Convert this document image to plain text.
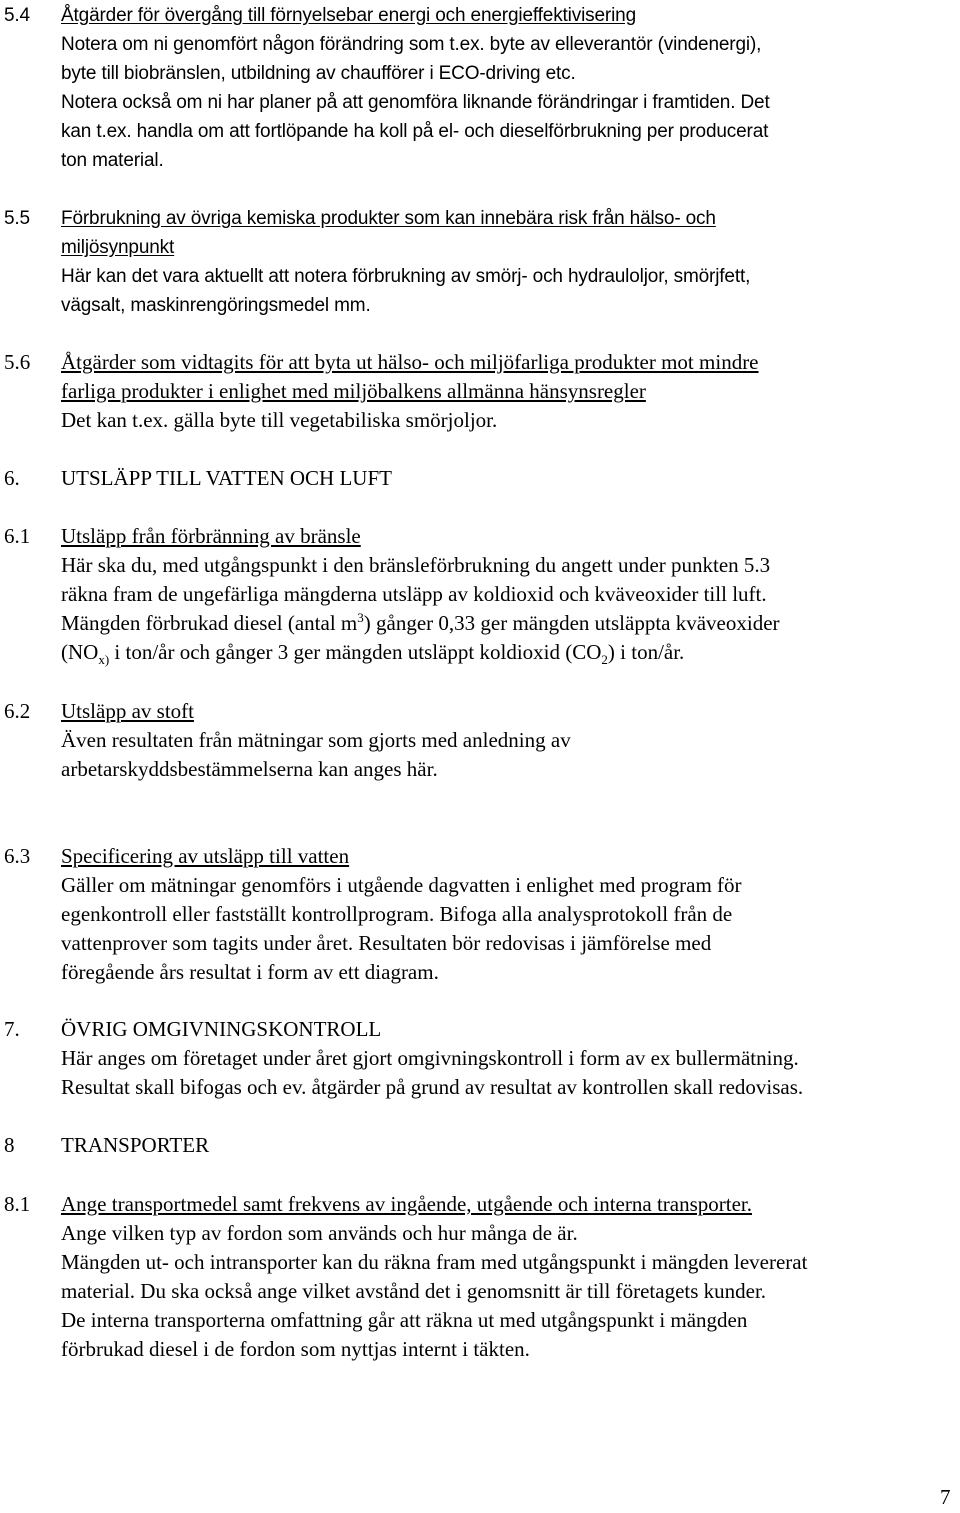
5.4 Åtgärder för övergång till förnyelsebar energi och energieffektivisering
Notera om ni genomfört någon förändring som t.ex. byte av elleverantör (vindenergi),
byte till biobränslen, utbildning av chaufförer i ECO-driving etc.
Notera också om ni har planer på att genomföra liknande förändringar i framtiden. Det
kan t.ex. handla om att fortlöpande ha koll på el- och dieselförbrukning per producerat
ton material.
5.5 Förbrukning av övriga kemiska produkter som kan innebära risk från hälso- och
miljösynpunkt
Här kan det vara aktuellt att notera förbrukning av smörj- och hydrauloljor, smörjfett,
vägsalt, maskinrengöringsmedel mm.
5.6 Åtgärder som vidtagits för att byta ut hälso- och miljöfarliga produkter mot mindre
farliga produkter i enlighet med miljöbalkens allmänna hänsynsregler
Det kan t.ex. gälla byte till vegetabiliska smörjoljor.
6. UTSLÄPP TILL VATTEN OCH LUFT
6.1 Utsläpp från förbränning av bränsle
Här ska du, med utgångspunkt i den bränsleförbrukning du angett under punkten 5.3
räkna fram de ungefärliga mängderna utsläpp av koldioxid och kväveoxider till luft.
Mängden förbrukad diesel (antal $m^3$) gånger 0,33 ger mängden utsläppta kväveoxider
($NO_{x)}$ i ton/år och gånger 3 ger mängden utsläppt koldioxid $(CO_2)$ i ton/år.
6.2 Utsläpp av stoft
Även resultaten från mätningar som gjorts med anledning av
arbetarskyddsbestämmelserna kan anges här.
6.3 Specificering av utsläpp till vatten
Gäller om mätningar genomförs i utgående dagvatten i enlighet med program för
egenkontroll eller fastställt kontrollprogram. Bifoga alla analysprotokoll från de
vattenprover som tagits under året. Resultaten bör redovisas i jämförelse med
föregående års resultat i form av ett diagram.
7. ÖVRIG OMGIVNINGSKONTROLL
Här anges om företaget under året gjort omgivningskontroll i form av ex bullermätning.
Resultat skall bifogas och ev. åtgärder på grund av resultat av kontrollen skall redovisas.
8 TRANSPORTER
8.1 Ange transportmedel samt frekvens av ingående, utgående och interna transporter.
Ange vilken typ av fordon som används och hur många de är.
Mängden ut- och intransporter kan du räkna fram med utgångspunkt i mängden levererat
material. Du ska också ange vilket avstånd det i genomsnitt är till företagets kunder.
De interna transporterna omfattning går att räkna ut med utgångspunkt i mängden
förbrukad diesel i de fordon som nyttjas internt i täkten.
7
